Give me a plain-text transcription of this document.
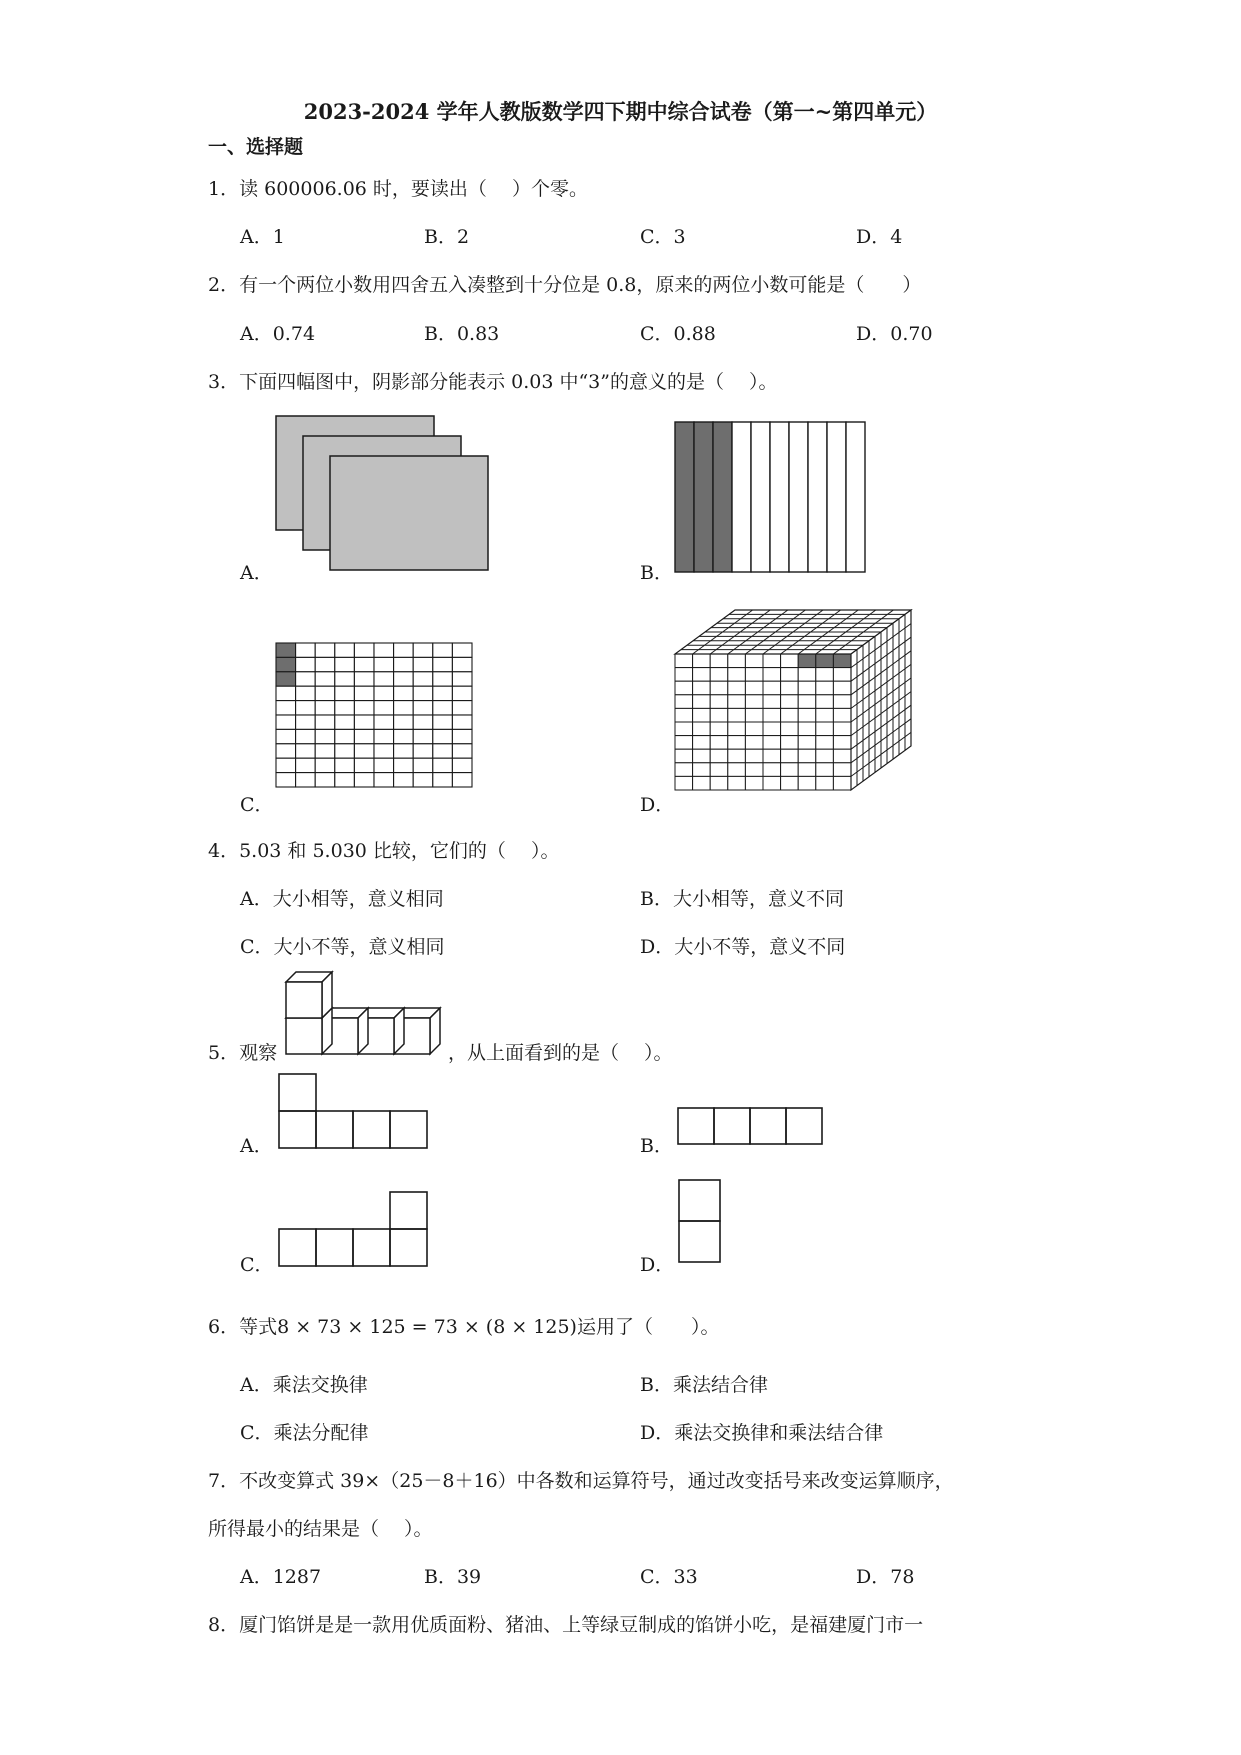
2023-2024 学年人教版数学四下期中综合试卷（第一~第四单元）
一、选择题
1．读 600006.06 时，要读出（　 ）个零。
A．1	B．2	C．3	D．4
2．有一个两位小数用四舍五入凑整到十分位是 0.8，原来的两位小数可能是（　　）
A．0.74	B．0.83	C．0.88	D．0.70
3．下面四幅图中，阴影部分能表示 0.03 中“3”的意义的是（　 ）。
A．	B．
C．	D．
4．5.03 和 5.030 比较，它们的（　 ）。
A．大小相等，意义相同	B．大小相等，意义不同
C．大小不等，意义相同	D．大小不等，意义不同
5．观察	，从上面看到的是（　 ）。
A．	B．
C．	D．
6．等式8 × 73 × 125 = 73 × (8 × 125)运用了（　　）。
A．乘法交换律	B．乘法结合律
C．乘法分配律	D．乘法交换律和乘法结合律
7．不改变算式 39×（25－8＋16）中各数和运算符号，通过改变括号来改变运算顺序，
所得最小的结果是（　 ）。
A．1287	B．39	C．33	D．78
8．厦门馅饼是是一款用优质面粉、猪油、上等绿豆制成的馅饼小吃，是福建厦门市一
